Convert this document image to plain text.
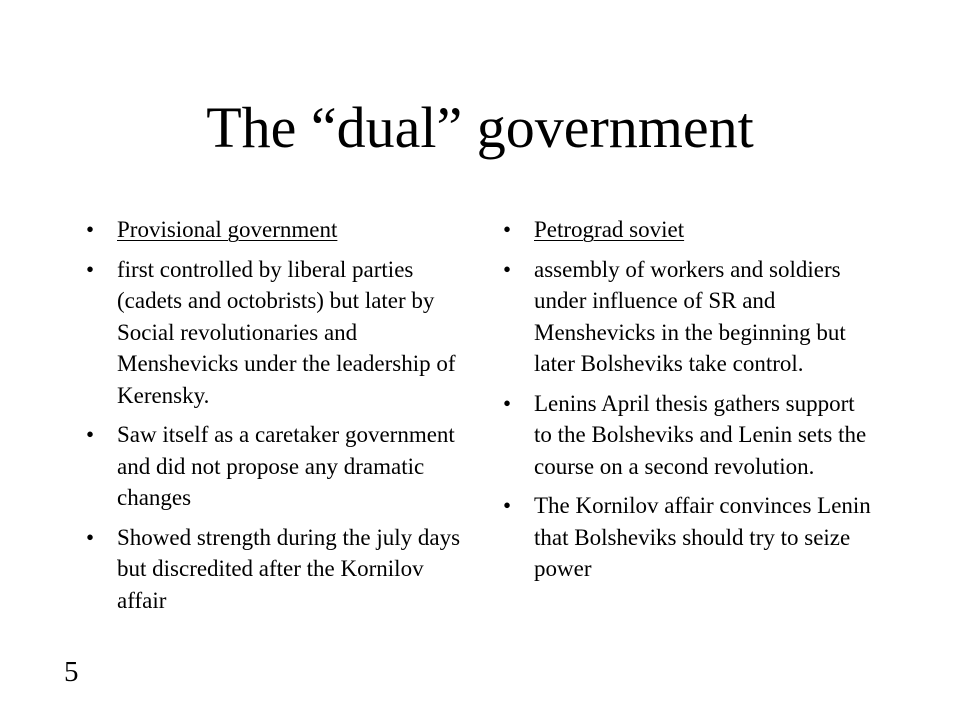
The “dual” government
• Provisional government
• first controlled by liberal parties (cadets and octobrists) but later by Social revolutionaries and Menshevicks under the leadership of Kerensky.
• Saw itself as a caretaker government and did not propose any dramatic changes
• Showed strength during the july days but discredited after the Kornilov affair
• Petrograd soviet
• assembly of workers and soldiers under influence of SR and Menshevicks in the beginning but later Bolsheviks take control.
• Lenins April thesis gathers support to the Bolsheviks and Lenin sets the course on a second revolution.
• The Kornilov affair convinces Lenin that Bolsheviks should try to seize power
5
